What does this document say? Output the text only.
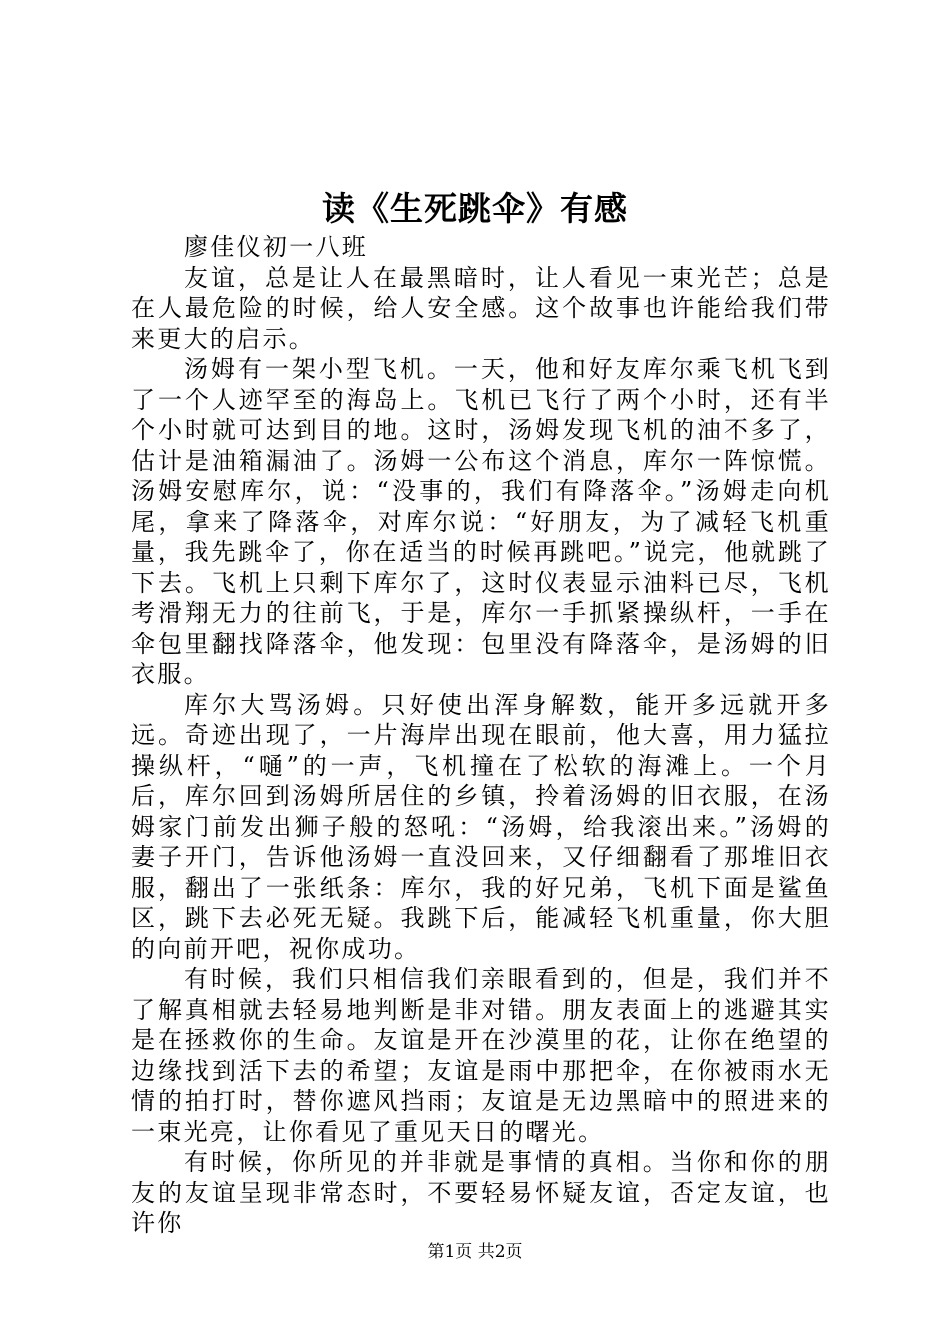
读《生死跳伞》有感

廖佳仪初一八班

友谊，总是让人在最黑暗时，让人看见一束光芒；总是在人最危险的时候，给人安全感。这个故事也许能给我们带来更大的启示。

汤姆有一架小型飞机。一天，他和好友库尔乘飞机飞到了一个人迹罕至的海岛上。飞机已飞行了两个小时，还有半个小时就可达到目的地。这时，汤姆发现飞机的油不多了，估计是油箱漏油了。汤姆一公布这个消息，库尔一阵惊慌。汤姆安慰库尔，说：“没事的，我们有降落伞。”汤姆走向机尾，拿来了降落伞，对库尔说：“好朋友，为了减轻飞机重量，我先跳伞了，你在适当的时候再跳吧。”说完，他就跳了下去。飞机上只剩下库尔了，这时仪表显示油料已尽，飞机考滑翔无力的往前飞，于是，库尔一手抓紧操纵杆，一手在伞包里翻找降落伞，他发现：包里没有降落伞，是汤姆的旧衣服。

库尔大骂汤姆。只好使出浑身解数，能开多远就开多远。奇迹出现了，一片海岸出现在眼前，他大喜，用力猛拉操纵杆，“嗵”的一声，飞机撞在了松软的海滩上。一个月后，库尔回到汤姆所居住的乡镇，拎着汤姆的旧衣服，在汤姆家门前发出狮子般的怒吼：“汤姆，给我滚出来。”汤姆的妻子开门，告诉他汤姆一直没回来，又仔细翻看了那堆旧衣服，翻出了一张纸条：库尔，我的好兄弟，飞机下面是鲨鱼区，跳下去必死无疑。我跳下后，能减轻飞机重量，你大胆的向前开吧，祝你成功。

有时候，我们只相信我们亲眼看到的，但是，我们并不了解真相就去轻易地判断是非对错。朋友表面上的逃避其实是在拯救你的生命。友谊是开在沙漠里的花，让你在绝望的边缘找到活下去的希望；友谊是雨中那把伞，在你被雨水无情的拍打时，替你遮风挡雨；友谊是无边黑暗中的照进来的一束光亮，让你看见了重见天日的曙光。

有时候，你所见的并非就是事情的真相。当你和你的朋友的友谊呈现非常态时，不要轻易怀疑友谊，否定友谊，也许你

第1页 共2页
